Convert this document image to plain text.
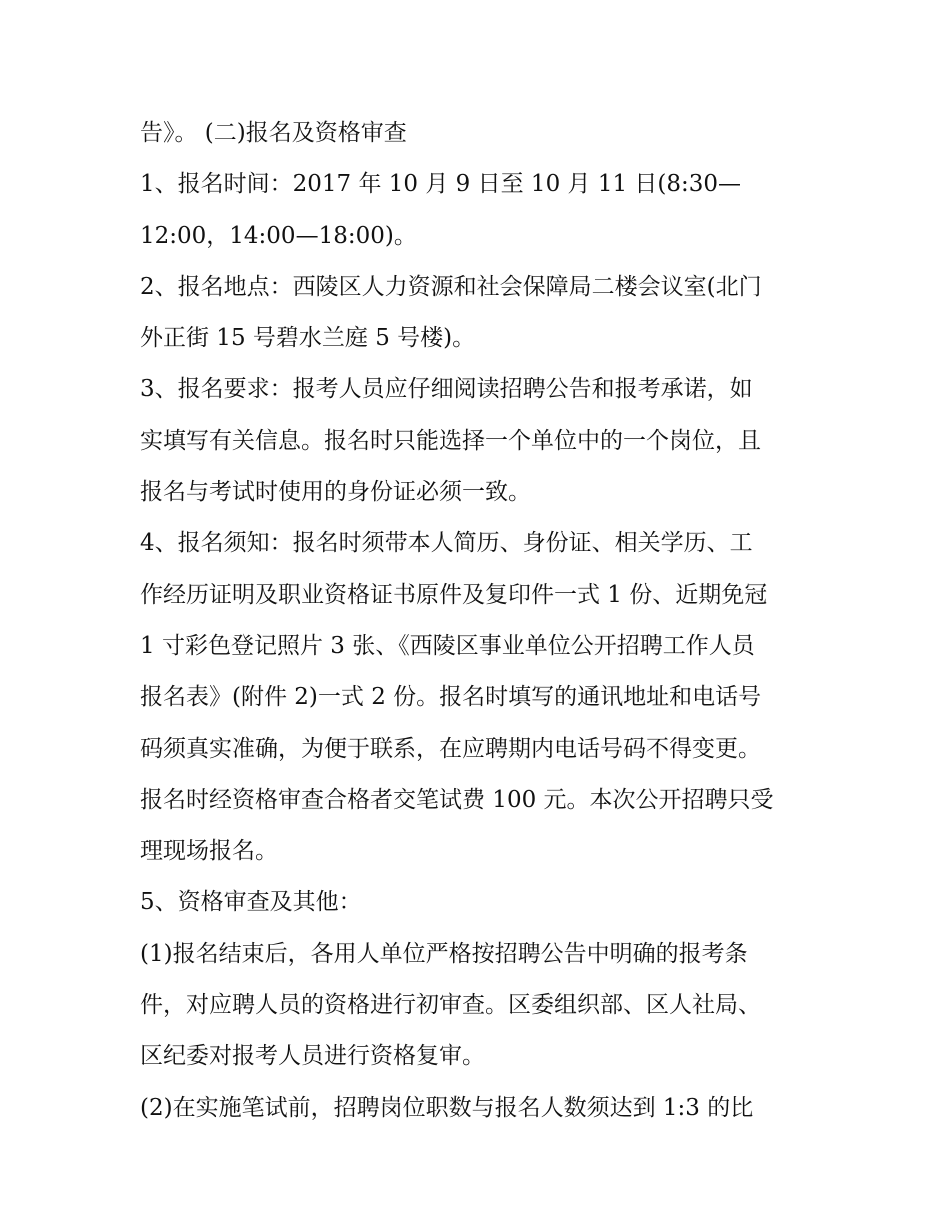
告》。 (二)报名及资格审查
1、报名时间：2017 年 10 月 9 日至 10 月 11 日(8:30—
12:00，14:00—18:00)。
2、报名地点：西陵区人力资源和社会保障局二楼会议室(北门
外正街 15 号碧水兰庭 5 号楼)。
3、报名要求：报考人员应仔细阅读招聘公告和报考承诺，如
实填写有关信息。报名时只能选择一个单位中的一个岗位，且
报名与考试时使用的身份证必须一致。
4、报名须知：报名时须带本人简历、身份证、相关学历、工
作经历证明及职业资格证书原件及复印件一式 1 份、近期免冠
1 寸彩色登记照片 3 张、《西陵区事业单位公开招聘工作人员
报名表》(附件 2)一式 2 份。报名时填写的通讯地址和电话号
码须真实准确，为便于联系，在应聘期内电话号码不得变更。
报名时经资格审查合格者交笔试费 100 元。本次公开招聘只受
理现场报名。
5、资格审查及其他：
(1)报名结束后，各用人单位严格按招聘公告中明确的报考条
件，对应聘人员的资格进行初审查。区委组织部、区人社局、
区纪委对报考人员进行资格复审。
(2)在实施笔试前，招聘岗位职数与报名人数须达到 1:3 的比
